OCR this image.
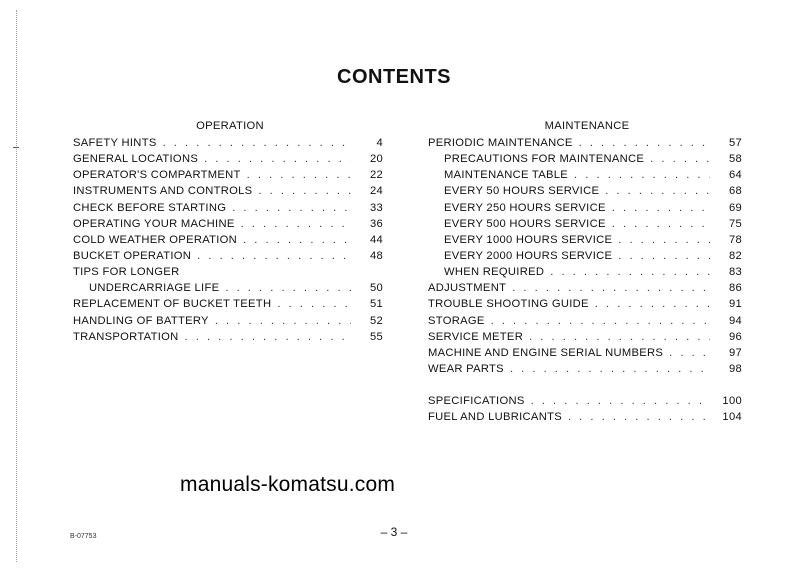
CONTENTS
OPERATION
SAFETY HINTS . . .	4
GENERAL LOCATIONS . . .	20
OPERATOR'S COMPARTMENT . . .	22
INSTRUMENTS AND CONTROLS . . .	24
CHECK BEFORE STARTING . . .	33
OPERATING YOUR MACHINE . . .	36
COLD WEATHER OPERATION . . .	44
BUCKET OPERATION . . .	48
TIPS FOR LONGER
UNDERCARRIAGE LIFE . . .	50
REPLACEMENT OF BUCKET TEETH . . .	51
HANDLING OF BATTERY . . .	52
TRANSPORTATION . . .	55
MAINTENANCE
PERIODIC MAINTENANCE . . .	57
PRECAUTIONS FOR MAINTENANCE . . .	58
MAINTENANCE TABLE . . .	64
EVERY 50 HOURS SERVICE . . .	68
EVERY 250 HOURS SERVICE . . .	69
EVERY 500 HOURS SERVICE . . .	75
EVERY 1000 HOURS SERVICE . . .	78
EVERY 2000 HOURS SERVICE . . .	82
WHEN REQUIRED . . .	83
ADJUSTMENT . . .	86
TROUBLE SHOOTING GUIDE . . .	91
STORAGE . . .	94
SERVICE METER . . .	96
MACHINE AND ENGINE SERIAL NUMBERS . . .	97
WEAR PARTS . . .	98
SPECIFICATIONS . . .	100
FUEL AND LUBRICANTS . . .	104
manuals-komatsu.com
– 3 –
B-07753
